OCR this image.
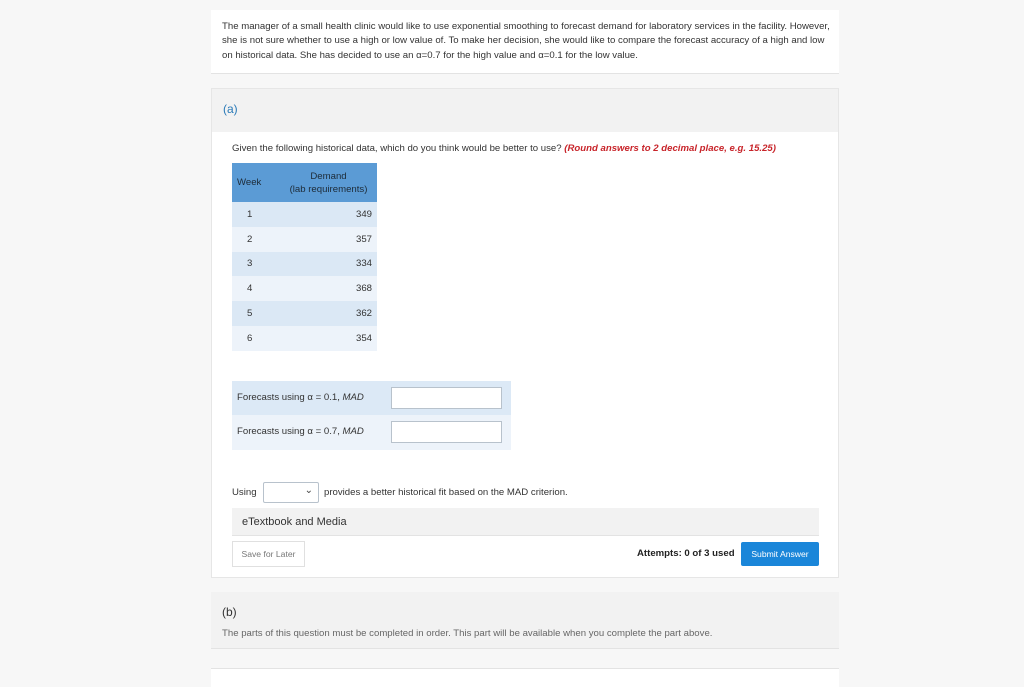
The manager of a small health clinic would like to use exponential smoothing to forecast demand for laboratory services in the facility. However, she is not sure whether to use a high or low value of. To make her decision, she would like to compare the forecast accuracy of a high and low on historical data. She has decided to use an α=0.7 for the high value and α=0.1 for the low value.

(a)
Given the following historical data, which do you think would be better to use? (Round answers to 2 decimal place, e.g. 15.25)
Week	Demand
(lab requirements)
1	349
2	357
3	334
4	368
5	362
6	354
Forecasts using α = 0.1, MAD
Forecasts using α = 0.7, MAD
Using	⌄ provides a better historical fit based on the MAD criterion.
eTextbook and Media
Save for Later	Attempts: 0 of 3 used	Submit Answer
(b)
The parts of this question must be completed in order. This part will be available when you complete the part above.
